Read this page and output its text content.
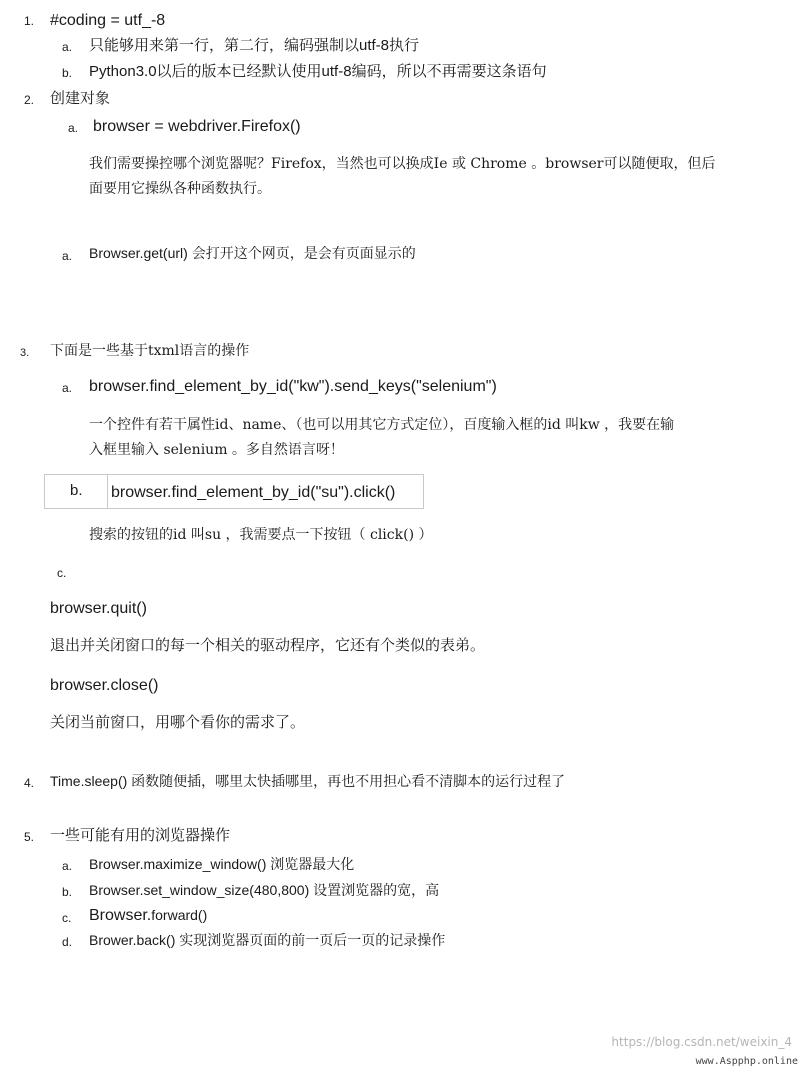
1. #coding = utf_-8
a. 只能够用来第一行，第二行，编码强制以utf-8执行
b. Python3.0以后的版本已经默认使用utf-8编码，所以不再需要这条语句
2. 创建对象
a. browser = webdriver.Firefox()
我们需要操控哪个浏览器呢？Firefox，当然也可以换成Ie 或 Chrome 。browser可以随便取，但后
面要用它操纵各种函数执行。
a. Browser.get(url) 会打开这个网页，是会有页面显示的
3. 下面是一些基于txml语言的操作
a. browser.find_element_by_id("kw").send_keys("selenium")
一个控件有若干属性id、name、（也可以用其它方式定位），百度输入框的id 叫kw ，我要在输
入框里输入 selenium 。多自然语言呀！
b. browser.find_element_by_id("su").click()
搜索的按钮的id 叫su ，我需要点一下按钮（ click() ）
c.
browser.quit()
退出并关闭窗口的每一个相关的驱动程序，它还有个类似的表弟。
browser.close()
关闭当前窗口，用哪个看你的需求了。
4. Time.sleep() 函数随便插，哪里太快插哪里，再也不用担心看不清脚本的运行过程了
5. 一些可能有用的浏览器操作
a. Browser.maximize_window() 浏览器最大化
b. Browser.set_window_size(480,800) 设置浏览器的宽，高
c. Browser.forward()
d. Brower.back() 实现浏览器页面的前一页后一页的记录操作
https://blog.csdn.net/weixin_4
www.Aspphp.online
